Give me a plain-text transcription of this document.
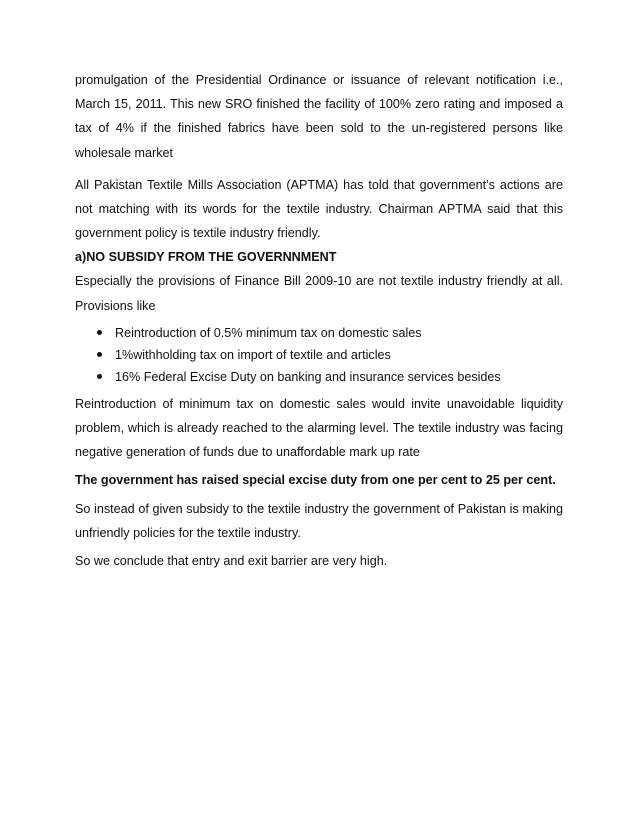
promulgation of the Presidential Ordinance or issuance of relevant notification i.e., March 15, 2011. This new SRO finished the facility of 100% zero rating and imposed a tax of 4% if the finished fabrics have been sold to the un-registered persons like wholesale market

All Pakistan Textile Mills Association (APTMA) has told that government’s actions are not matching with its words for the textile industry. Chairman APTMA said that this government policy is textile industry friendly.

a)NO SUBSIDY FROM THE GOVERNNMENT

Especially the provisions of Finance Bill 2009-10 are not textile industry friendly at all. Provisions like

Reintroduction of 0.5% minimum tax on domestic sales
1%withholding tax on import of textile and articles
16% Federal Excise Duty on banking and insurance services besides

Reintroduction of minimum tax on domestic sales would invite unavoidable liquidity problem, which is already reached to the alarming level. The textile industry was facing negative generation of funds due to unaffordable mark up rate

The government has raised special excise duty from one per cent to 25 per cent.

So instead of given subsidy to the textile industry the government of Pakistan is making unfriendly policies for the textile industry.

So we conclude that entry and exit barrier are very high.
